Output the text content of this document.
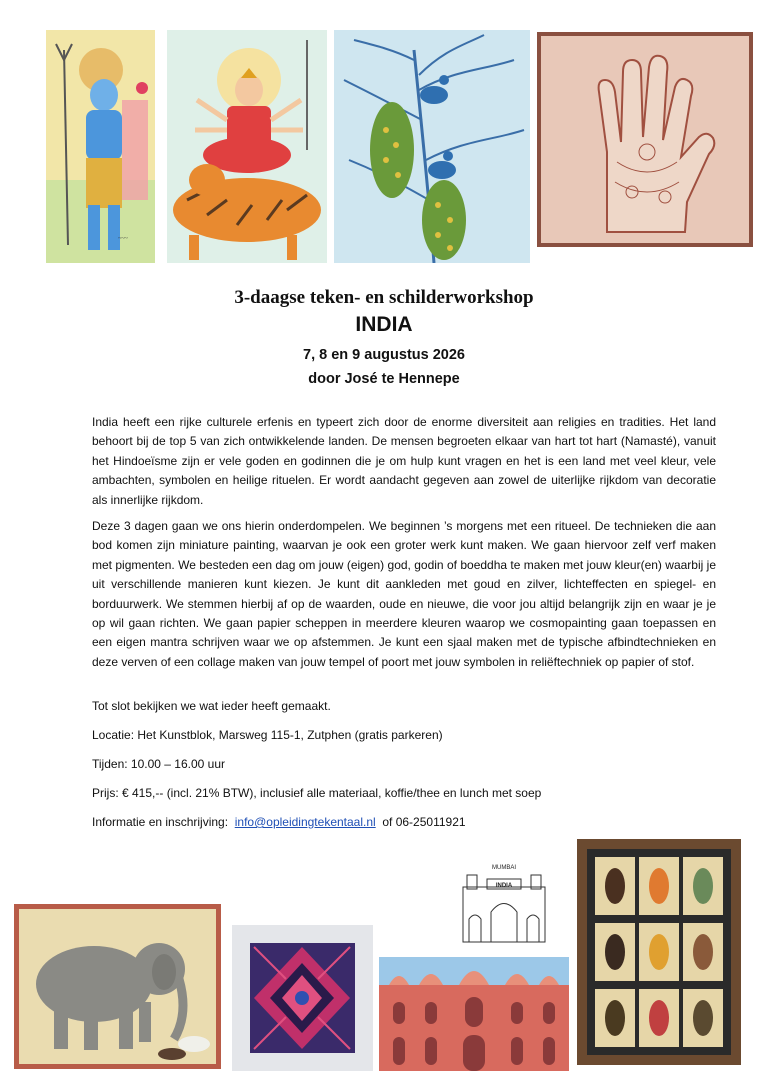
~~~
3-daagse teken- en schilderworkshop
INDIA
7, 8 en 9 augustus 2026
door José te Hennepe

India heeft een rijke culturele erfenis en typeert zich door de enorme diversiteit aan religies en tradities. Het land behoort bij de top 5 van zich ontwikkelende landen. De mensen begroeten elkaar van hart tot hart (Namasté), vanuit het Hindoeïsme zijn er vele goden en godinnen die je om hulp kunt vragen en het is een land met veel kleur, vele ambachten, symbolen en heilige rituelen. Er wordt aandacht gegeven aan zowel de uiterlijke rijkdom van decoratie als innerlijke rijkdom.

Deze 3 dagen gaan we ons hierin onderdompelen. We beginnen ’s morgens met een ritueel. De technieken die aan bod komen zijn miniature painting, waarvan je ook een groter werk kunt maken. We gaan hiervoor zelf verf maken met pigmenten. We besteden een dag om jouw (eigen) god, godin of boeddha te maken met jouw kleur(en) waarbij je uit verschillende manieren kunt kiezen. Je kunt dit aankleden met goud en zilver, lichteffecten en spiegel- en borduurwerk. We stemmen hierbij af op de waarden, oude en nieuwe, die voor jou altijd belangrijk zijn en waar je je op wil gaan richten. We gaan papier scheppen in meerdere kleuren waarop we cosmopainting gaan toepassen en een eigen mantra schrijven waar we op afstemmen. Je kunt een sjaal maken met de typische afbindtechnieken en deze verven of een collage maken van jouw tempel of poort met jouw symbolen in reliëftechniek op papier of stof.

Tot slot bekijken we wat ieder heeft gemaakt.
Locatie: Het Kunstblok, Marsweg 115-1, Zutphen (gratis parkeren)
Tijden: 10.00 – 16.00 uur
Prijs: € 415,-- (incl. 21% BTW), inclusief alle materiaal, koffie/thee en lunch met soep
Informatie en inschrijving: info@opleidingtekentaal.nl of 06-25011921
MUMBAI
INDIA
